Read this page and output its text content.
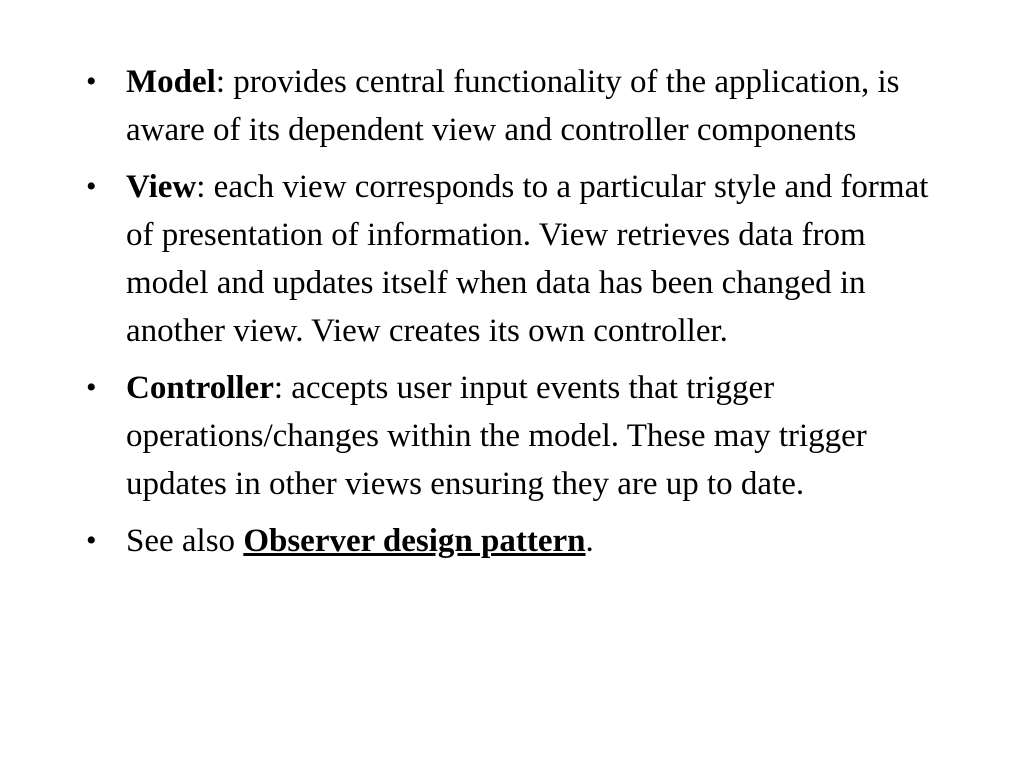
• Model: provides central functionality of the application, is aware of its dependent view and controller components
• View: each view corresponds to a particular style and format of presentation of information. View retrieves data from model and updates itself when data has been changed in another view. View creates its own controller.
• Controller: accepts user input events that trigger operations/changes within the model. These may trigger updates in other views ensuring they are up to date.
• See also Observer design pattern.
